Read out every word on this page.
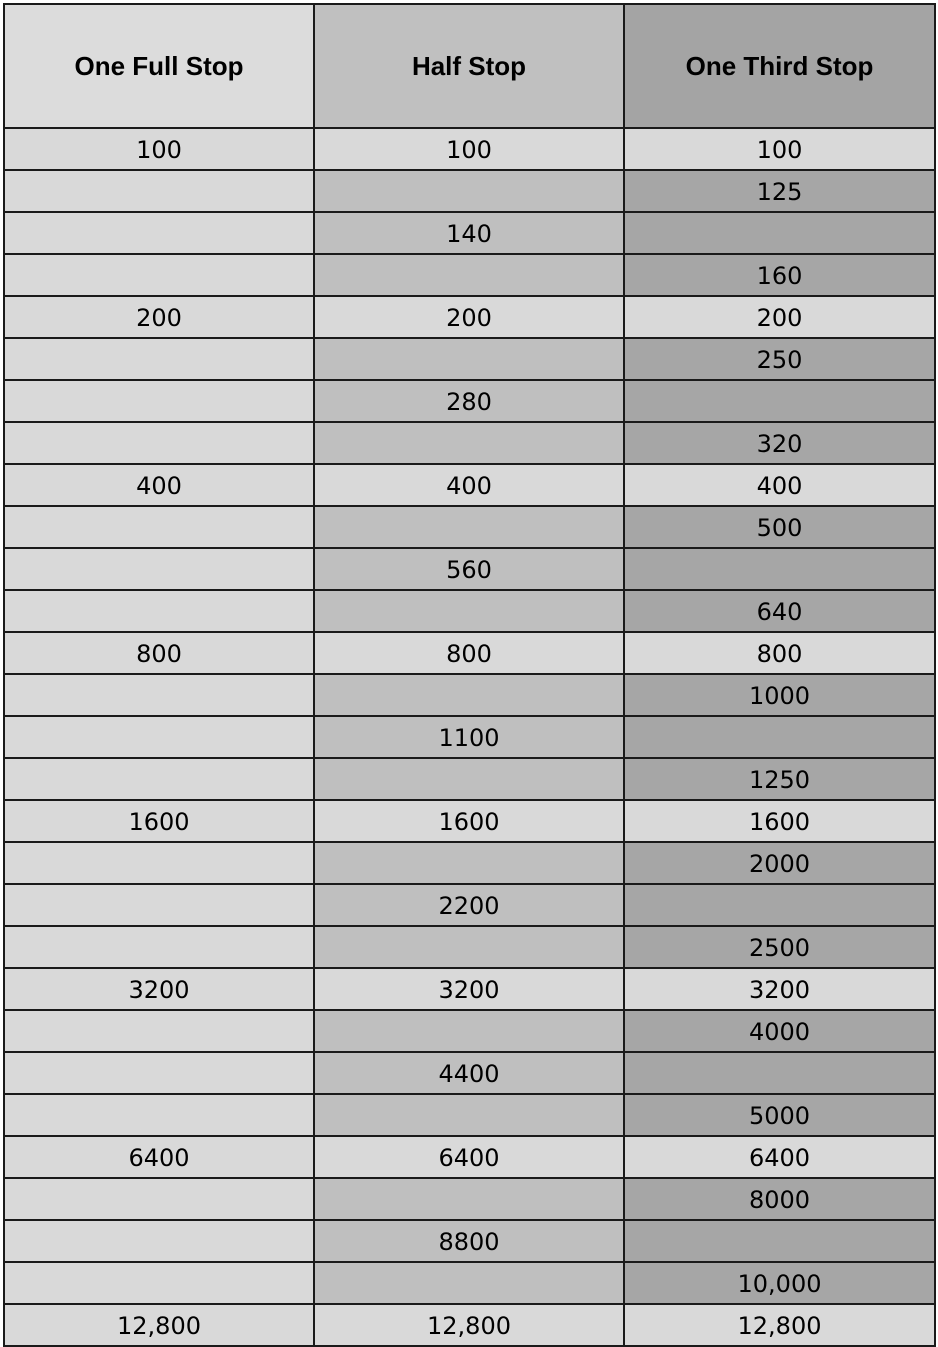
One Full Stop	Half Stop	One Third Stop
100	100	100
		125
	140	
		160
200	200	200
		250
	280	
		320
400	400	400
		500
	560	
		640
800	800	800
		1000
	1100	
		1250
1600	1600	1600
		2000
	2200	
		2500
3200	3200	3200
		4000
	4400	
		5000
6400	6400	6400
		8000
	8800	
		10,000
12,800	12,800	12,800
